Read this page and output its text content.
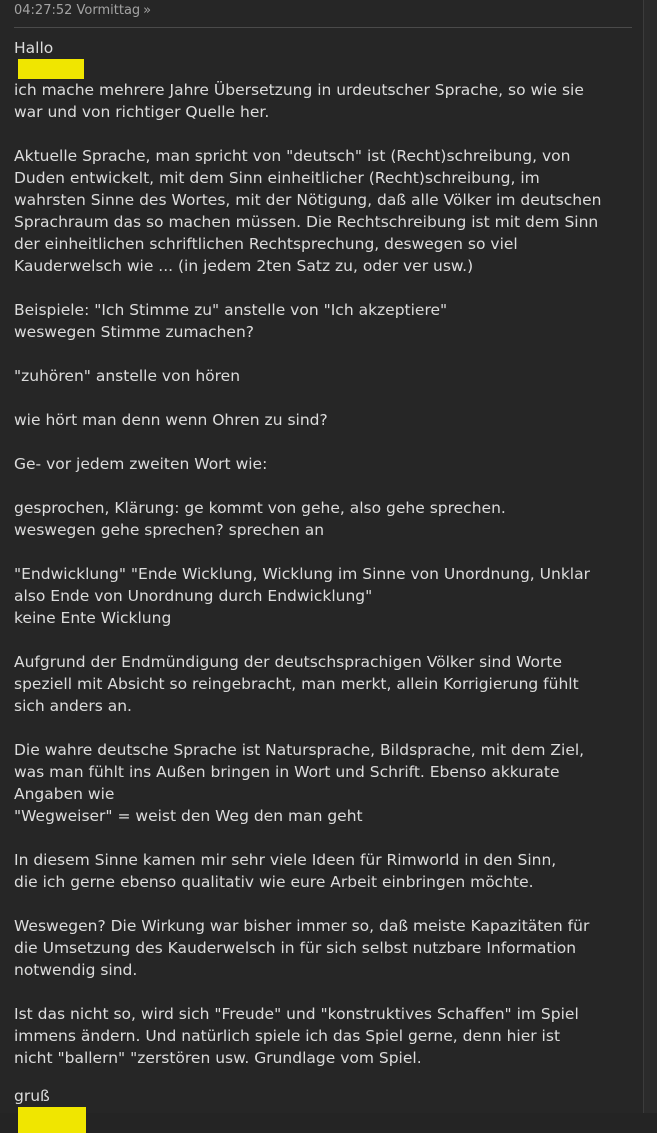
04:27:52 Vormittag »

Hallo

ich mache mehrere Jahre Übersetzung in urdeutscher Sprache, so wie sie
war und von richtiger Quelle her.

Aktuelle Sprache, man spricht von "deutsch" ist (Recht)schreibung, von
Duden entwickelt, mit dem Sinn einheitlicher (Recht)schreibung, im
wahrsten Sinne des Wortes, mit der Nötigung, daß alle Völker im deutschen
Sprachraum das so machen müssen. Die Rechtschreibung ist mit dem Sinn
der einheitlichen schriftlichen Rechtsprechung, deswegen so viel
Kauderwelsch wie ... (in jedem 2ten Satz zu, oder ver usw.)

Beispiele: "Ich Stimme zu" anstelle von "Ich akzeptiere"
weswegen Stimme zumachen?

"zuhören" anstelle von hören

wie hört man denn wenn Ohren zu sind?

Ge- vor jedem zweiten Wort wie:

gesprochen, Klärung: ge kommt von gehe, also gehe sprechen.
weswegen gehe sprechen? sprechen an

"Endwicklung" "Ende Wicklung, Wicklung im Sinne von Unordnung, Unklar
also Ende von Unordnung durch Endwicklung"
keine Ente Wicklung

Aufgrund der Endmündigung der deutschsprachigen Völker sind Worte
speziell mit Absicht so reingebracht, man merkt, allein Korrigierung fühlt
sich anders an.

Die wahre deutsche Sprache ist Natursprache, Bildsprache, mit dem Ziel,
was man fühlt ins Außen bringen in Wort und Schrift. Ebenso akkurate
Angaben wie
"Wegweiser" = weist den Weg den man geht

In diesem Sinne kamen mir sehr viele Ideen für Rimworld in den Sinn,
die ich gerne ebenso qualitativ wie eure Arbeit einbringen möchte.

Weswegen? Die Wirkung war bisher immer so, daß meiste Kapazitäten für
die Umsetzung des Kauderwelsch in für sich selbst nutzbare Information
notwendig sind.

Ist das nicht so, wird sich "Freude" und "konstruktives Schaffen" im Spiel
immens ändern. Und natürlich spiele ich das Spiel gerne, denn hier ist
nicht "ballern" "zerstören usw. Grundlage vom Spiel.

gruß
